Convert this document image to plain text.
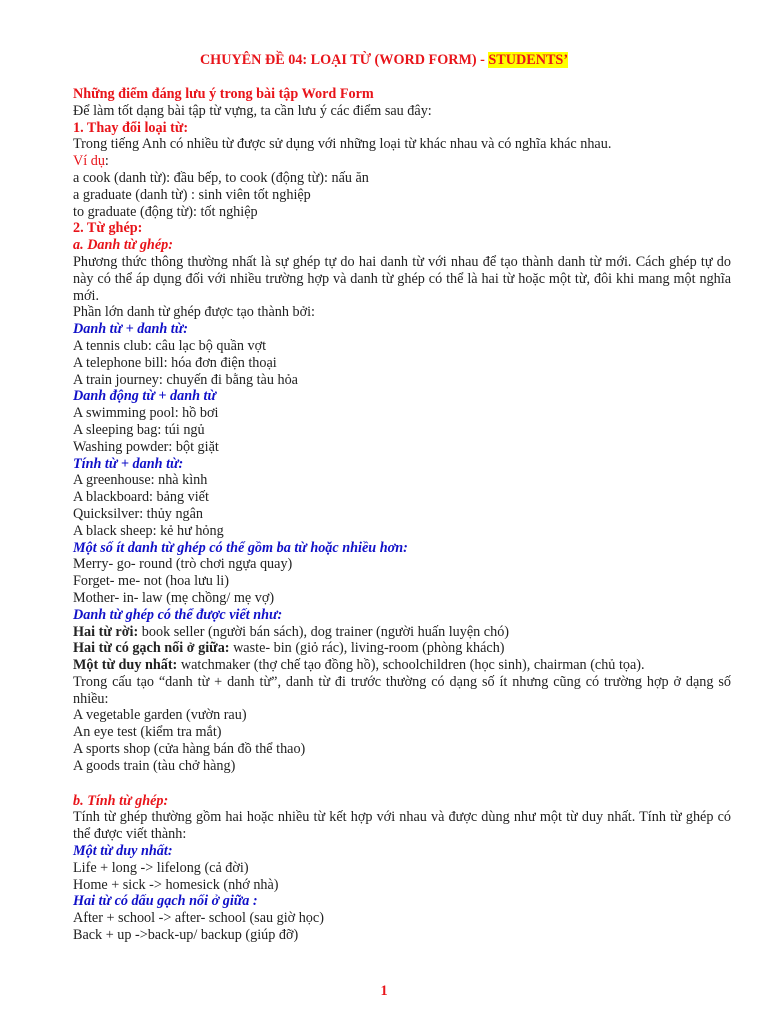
CHUYÊN ĐỀ 04: LOẠI TỪ (WORD FORM) - STUDENTS’
Những điểm đáng lưu ý trong bài tập Word Form
Để làm tốt dạng bài tập từ vựng, ta cần lưu ý các điểm sau đây:
1. Thay đổi loại từ:
Trong tiếng Anh có nhiều từ được sử dụng với những loại từ khác nhau và có nghĩa khác nhau.
Ví dụ:
a cook (danh từ): đầu bếp, to cook (động từ): nấu ăn
a graduate (danh từ) : sinh viên tốt nghiệp
to graduate (động từ): tốt nghiệp
2. Từ ghép:
a. Danh từ ghép:
Phương thức thông thường nhất là sự ghép tự do hai danh từ với nhau để tạo thành danh từ mới. Cách ghép tự do này có thể áp dụng đối với nhiều trường hợp và danh từ ghép có thể là hai từ hoặc một từ, đôi khi mang một nghĩa mới.
Phần lớn danh từ ghép được tạo thành bởi:
Danh từ + danh từ:
A tennis club: câu lạc bộ quần vợt
A telephone bill: hóa đơn điện thoại
A train journey: chuyến đi bằng tàu hỏa
Danh động từ + danh từ
A swimming pool: hồ bơi
A sleeping bag: túi ngủ
Washing powder: bột giặt
Tính từ + danh từ:
A greenhouse: nhà kình
A blackboard: bảng viết
Quicksilver: thủy ngân
A black sheep: kẻ hư hỏng
Một số ít danh từ ghép có thể gồm ba từ hoặc nhiều hơn:
Merry- go- round (trò chơi ngựa quay)
Forget- me- not (hoa lưu li)
Mother- in- law (mẹ chồng/ mẹ vợ)
Danh từ ghép có thể được viết như:
Hai từ rời: book seller (người bán sách), dog trainer (người huấn luyện chó)
Hai từ có gạch nối ở giữa: waste- bin (giỏ rác), living-room (phòng khách)
Một từ duy nhất: watchmaker (thợ chế tạo đồng hồ), schoolchildren (học sinh), chairman (chủ tọa).
Trong cấu tạo “danh từ + danh từ”, danh từ đi trước thường có dạng số ít nhưng cũng có trường hợp ở dạng số nhiều:
A vegetable garden (vườn rau)
An eye test (kiểm tra mắt)
A sports shop (cửa hàng bán đồ thể thao)
A goods train (tàu chở hàng)
b. Tính từ ghép:
Tính từ ghép thường gồm hai hoặc nhiều từ kết hợp với nhau và được dùng như một từ duy nhất. Tính từ ghép có thể được viết thành:
Một từ duy nhất:
Life + long -> lifelong (cả đời)
Home + sick -> homesick (nhớ nhà)
Hai từ có dấu gạch nối ở giữa :
After + school -> after- school (sau giờ học)
Back + up ->back-up/ backup (giúp đỡ)
1
